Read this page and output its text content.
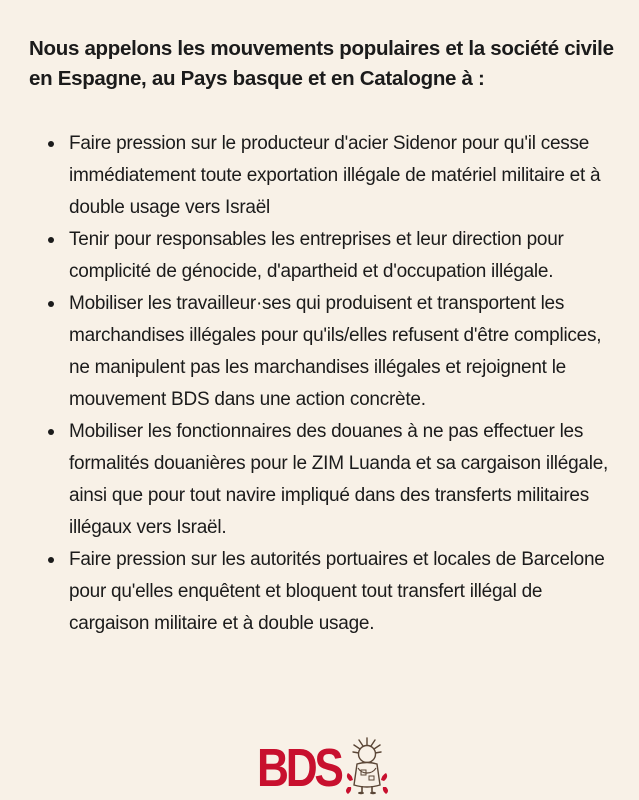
Nous appelons les mouvements populaires et la société civile en Espagne, au Pays basque et en Catalogne à :
Faire pression sur le producteur d'acier Sidenor pour qu'il cesse immédiatement toute exportation illégale de matériel militaire et à double usage vers Israël
Tenir pour responsables les entreprises et leur direction pour complicité de génocide, d'apartheid et d'occupation illégale.
Mobiliser les travailleur·ses qui produisent et transportent les marchandises illégales pour qu'ils/elles refusent d'être complices, ne manipulent pas les marchandises illégales et rejoignent le mouvement BDS dans une action concrète.
Mobiliser les fonctionnaires des douanes à ne pas effectuer les formalités douanières pour le ZIM Luanda et sa cargaison illégale, ainsi que pour tout navire impliqué dans des transferts militaires illégaux vers Israël.
Faire pression sur les autorités portuaires et locales de Barcelone pour qu'elles enquêtent et bloquent tout transfert illégal de cargaison militaire et à double usage.
BDS
